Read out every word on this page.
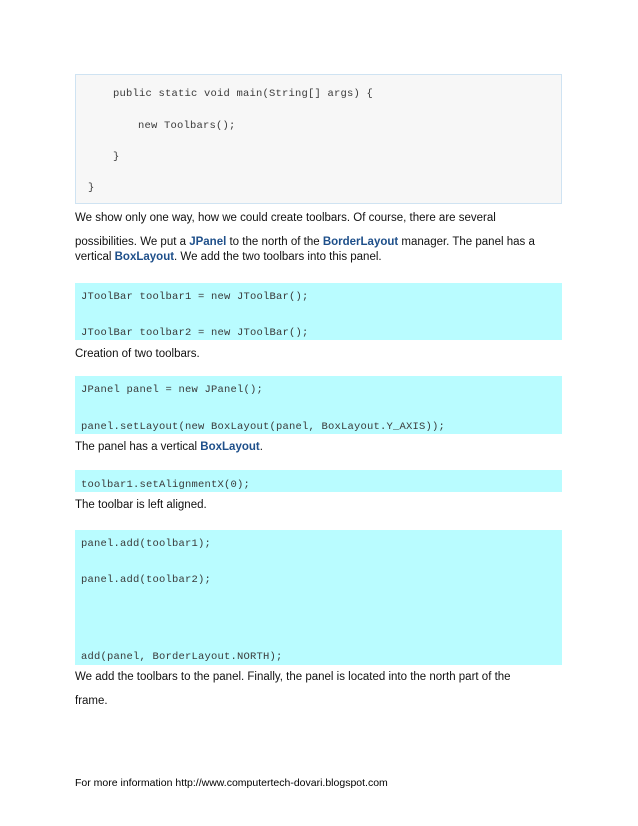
public static void main(String[] args) {
new Toolbars();
}
}
We show only one way, how we could create toolbars. Of course, there are several
possibilities. We put a JPanel to the north of the BorderLayout manager. The panel has a
vertical BoxLayout. We add the two toolbars into this panel.
JToolBar toolbar1 = new JToolBar();
JToolBar toolbar2 = new JToolBar();
Creation of two toolbars.
JPanel panel = new JPanel();
panel.setLayout(new BoxLayout(panel, BoxLayout.Y_AXIS));
The panel has a vertical BoxLayout.
toolbar1.setAlignmentX(0);
The toolbar is left aligned.
panel.add(toolbar1);
panel.add(toolbar2);
add(panel, BorderLayout.NORTH);
We add the toolbars to the panel. Finally, the panel is located into the north part of the
frame.
For more information http://www.computertech-dovari.blogspot.com
